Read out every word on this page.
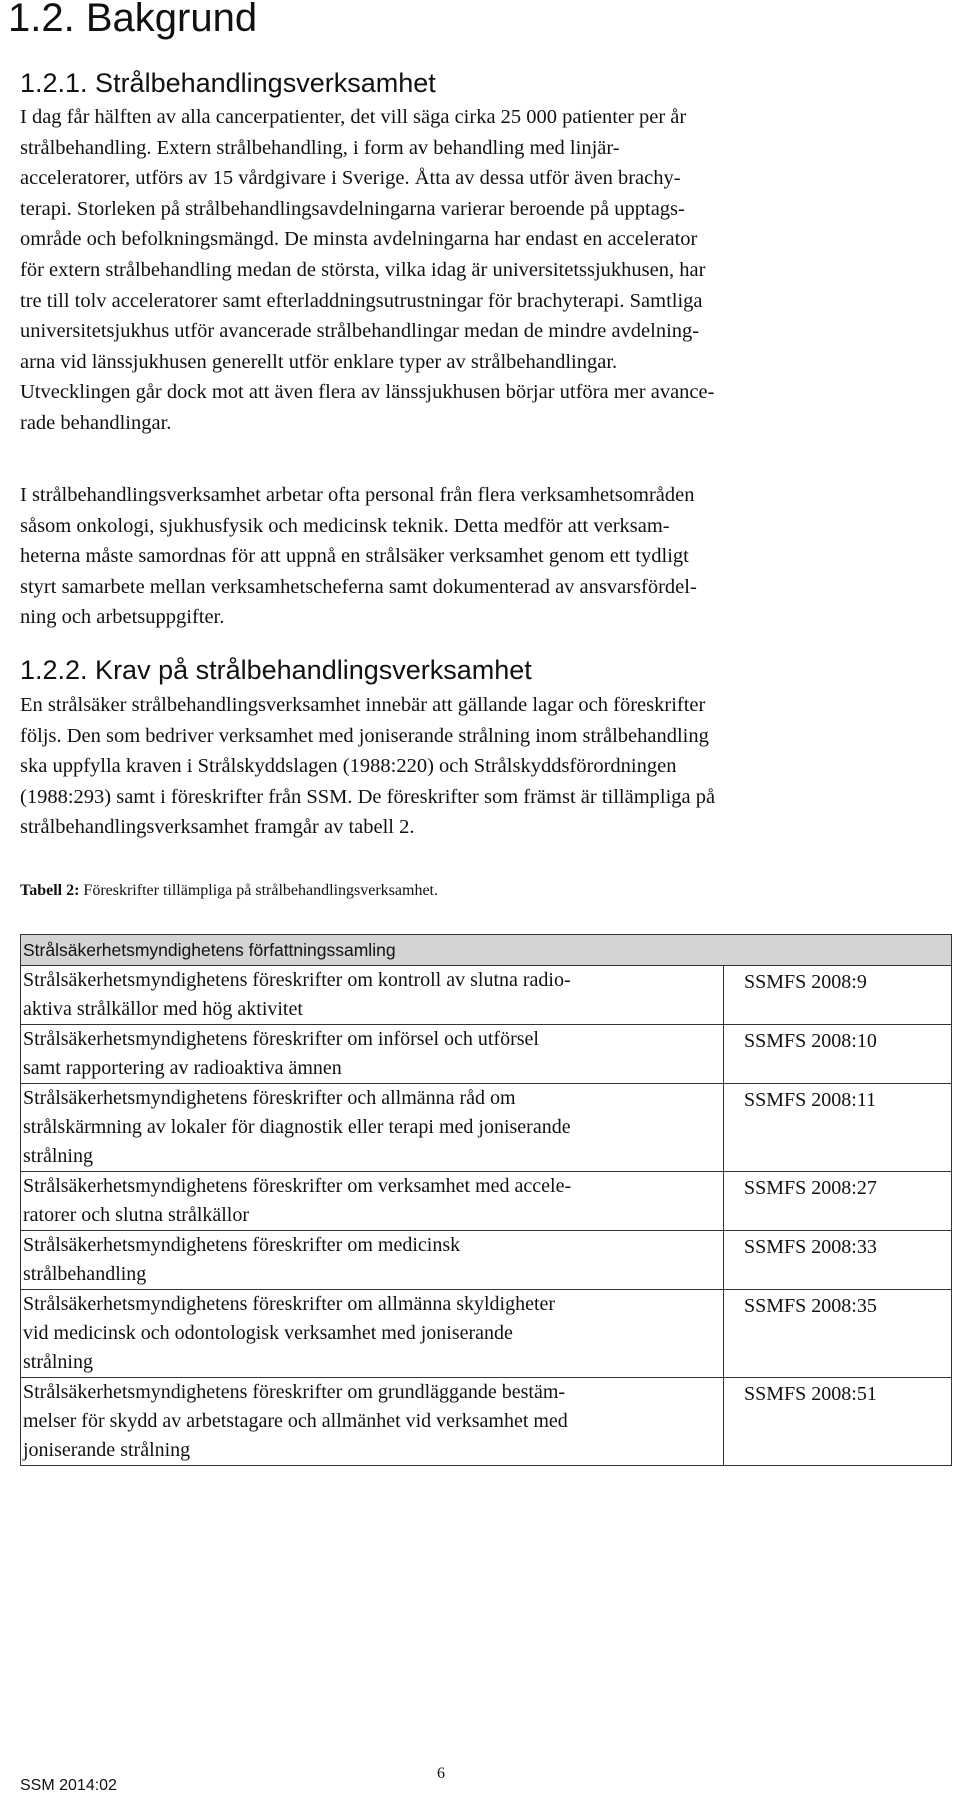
1.2. Bakgrund
1.2.1. Strålbehandlingsverksamhet

I dag får hälften av alla cancerpatienter, det vill säga cirka 25 000 patienter per år
strålbehandling. Extern strålbehandling, i form av behandling med linjär-
acceleratorer, utförs av 15 vårdgivare i Sverige. Åtta av dessa utför även brachy-
terapi. Storleken på strålbehandlingsavdelningarna varierar beroende på upptags-
område och befolkningsmängd. De minsta avdelningarna har endast en accelerator
för extern strålbehandling medan de största, vilka idag är universitetssjukhusen, har
tre till tolv acceleratorer samt efterladdningsutrustningar för brachyterapi. Samtliga
universitetsjukhus utför avancerade strålbehandlingar medan de mindre avdelning-
arna vid länssjukhusen generellt utför enklare typer av strålbehandlingar.
Utvecklingen går dock mot att även flera av länssjukhusen börjar utföra mer avance-
rade behandlingar.

I strålbehandlingsverksamhet arbetar ofta personal från flera verksamhetsområden
såsom onkologi, sjukhusfysik och medicinsk teknik. Detta medför att verksam-
heterna måste samordnas för att uppnå en strålsäker verksamhet genom ett tydligt
styrt samarbete mellan verksamhetscheferna samt dokumenterad av ansvarsfördel-
ning och arbetsuppgifter.

1.2.2. Krav på strålbehandlingsverksamhet

En strålsäker strålbehandlingsverksamhet innebär att gällande lagar och föreskrifter
följs. Den som bedriver verksamhet med joniserande strålning inom strålbehandling
ska uppfylla kraven i Strålskyddslagen (1988:220) och Strålskyddsförordningen
(1988:293) samt i föreskrifter från SSM. De föreskrifter som främst är tillämpliga på
strålbehandlingsverksamhet framgår av tabell 2.

Tabell 2: Föreskrifter tillämpliga på strålbehandlingsverksamhet.

Strålsäkerhetsmyndighetens författningssamling	

Strålsäkerhetsmyndighetens föreskrifter om kontroll av slutna radio-
aktiva strålkällor med hög aktivitet	SSMFS 2008:9

Strålsäkerhetsmyndighetens föreskrifter om införsel och utförsel
samt rapportering av radioaktiva ämnen	SSMFS 2008:10

Strålsäkerhetsmyndighetens föreskrifter och allmänna råd om
strålskärmning av lokaler för diagnostik eller terapi med joniserande
strålning	SSMFS 2008:11

Strålsäkerhetsmyndighetens föreskrifter om verksamhet med accele-
ratorer och slutna strålkällor	SSMFS 2008:27

Strålsäkerhetsmyndighetens föreskrifter om medicinsk
strålbehandling	SSMFS 2008:33

Strålsäkerhetsmyndighetens föreskrifter om allmänna skyldigheter
vid medicinsk och odontologisk verksamhet med joniserande
strålning	SSMFS 2008:35

Strålsäkerhetsmyndighetens föreskrifter om grundläggande bestäm-
melser för skydd av arbetstagare och allmänhet vid verksamhet med
joniserande strålning	SSMFS 2008:51
SSM 2014:02
6
